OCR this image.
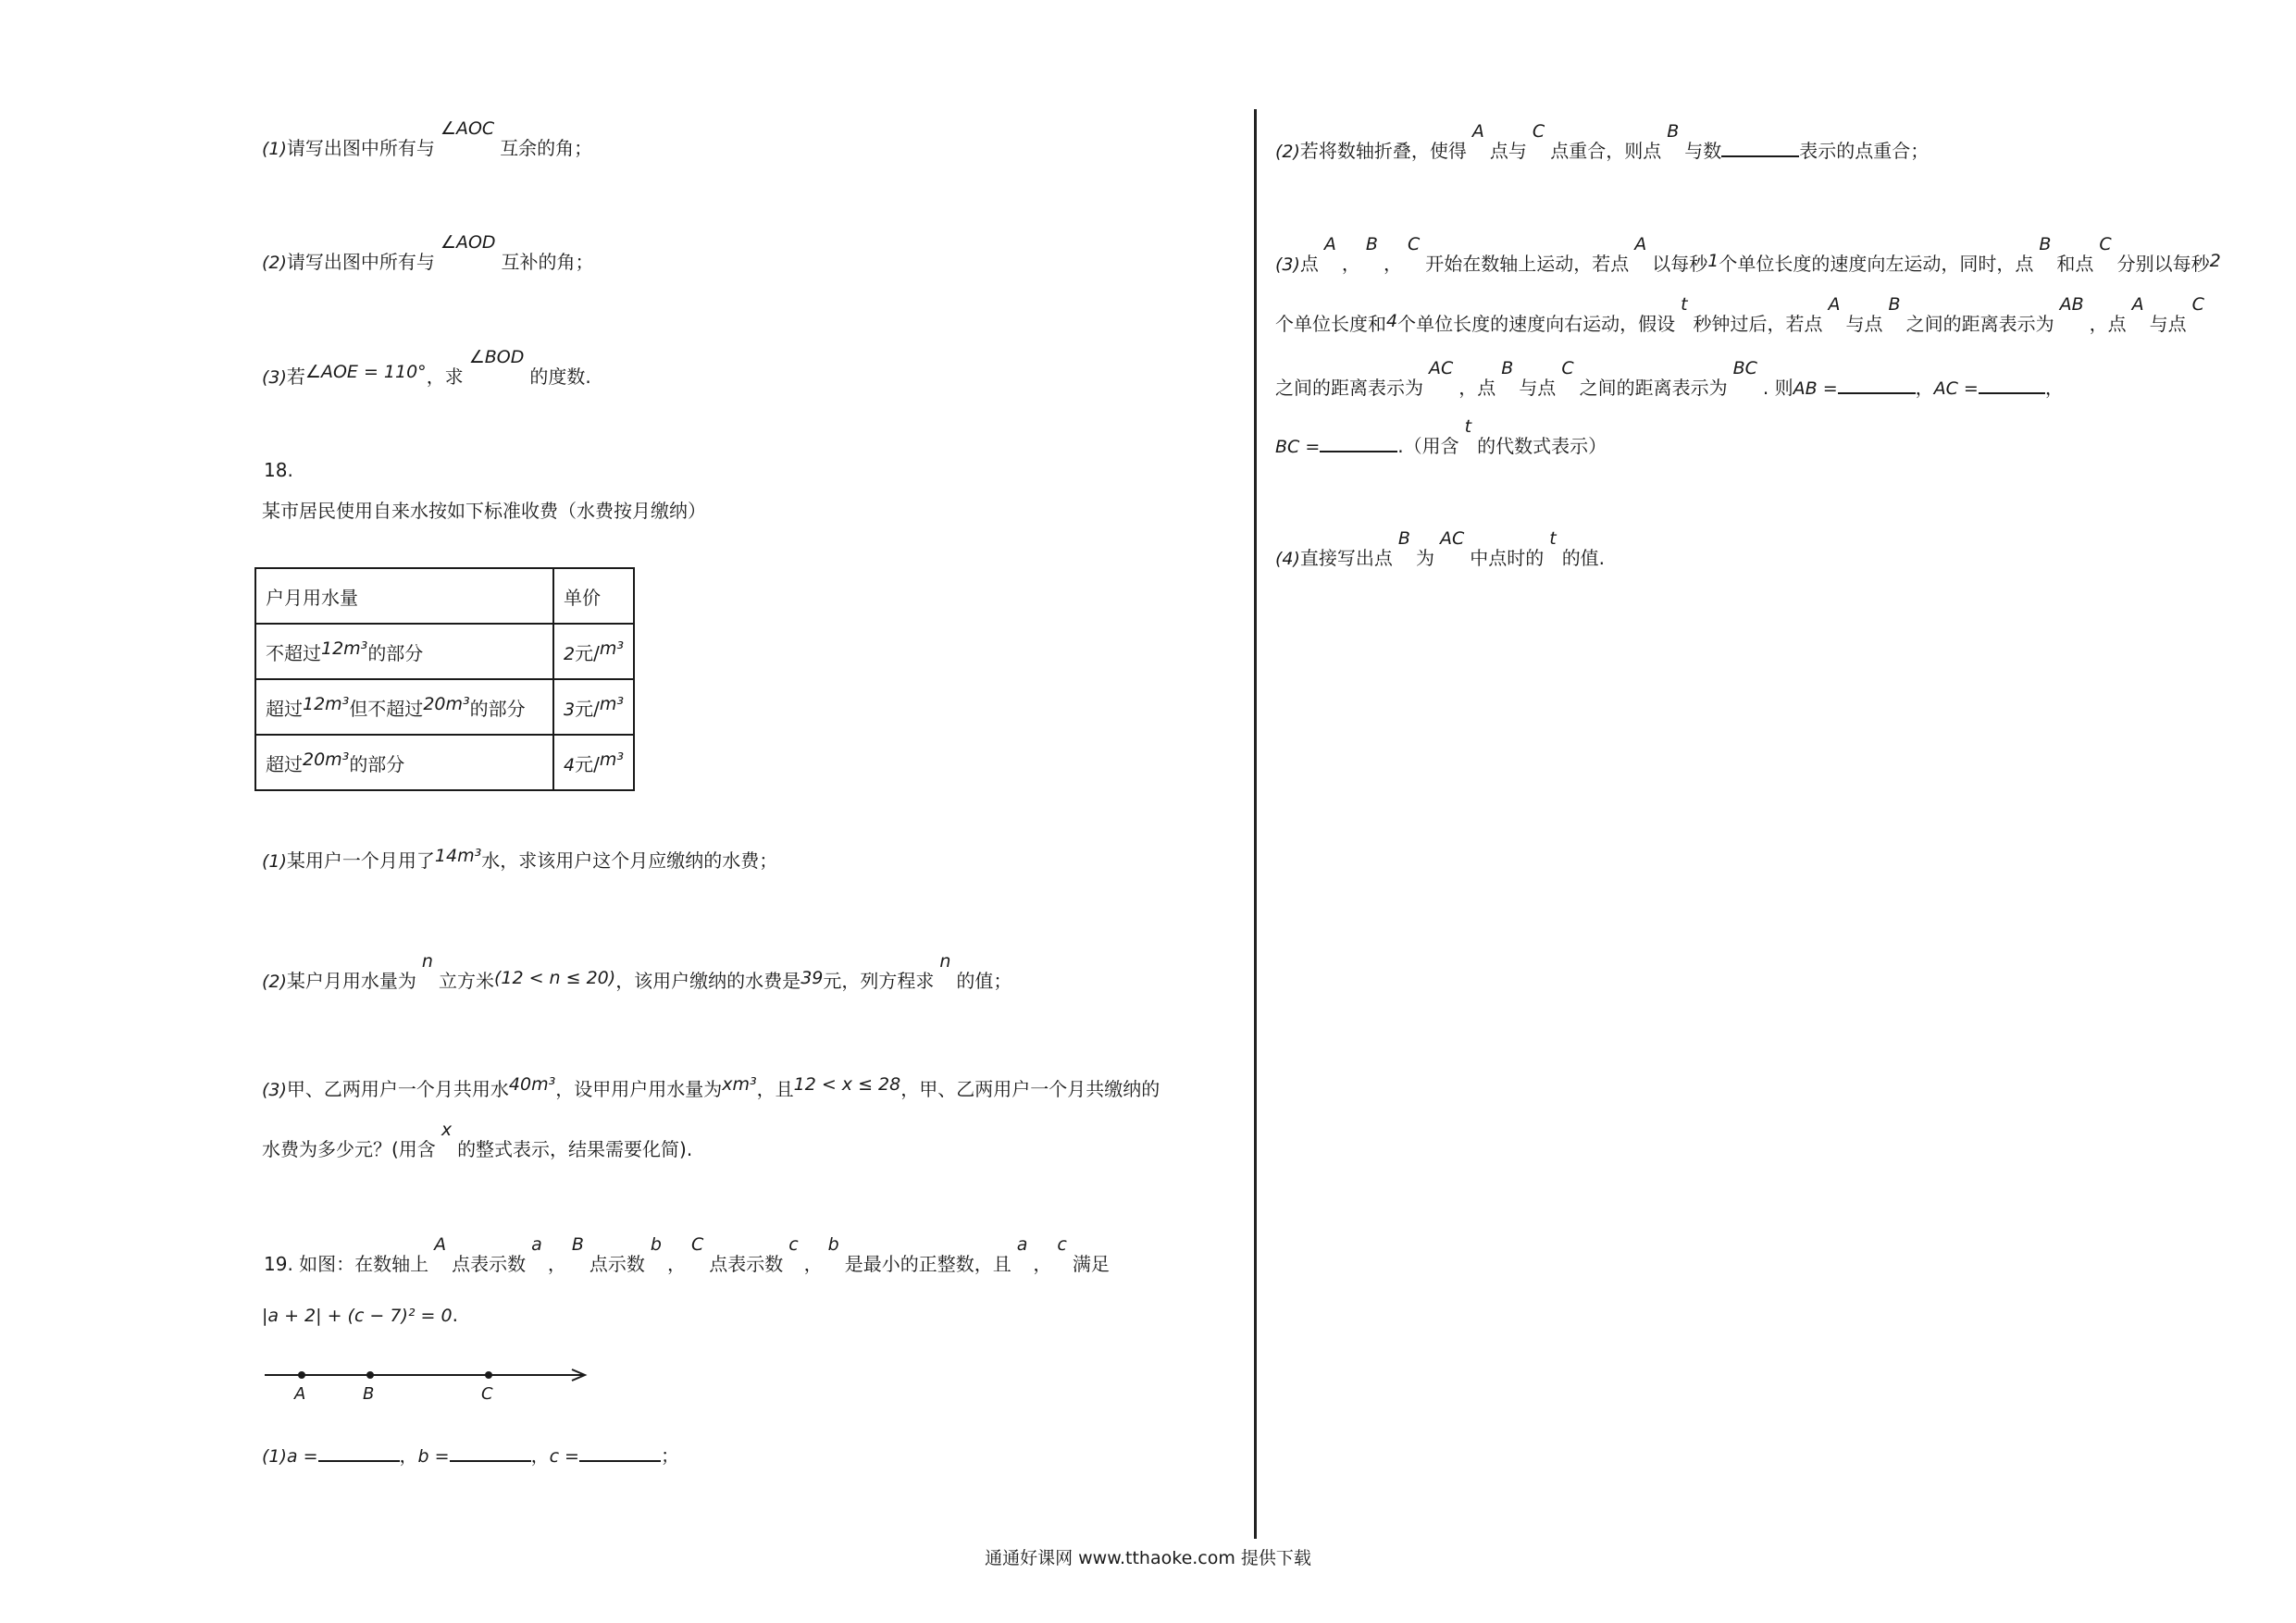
(1)请写出图中所有与∠AOC互余的角；
(2)请写出图中所有与∠AOD互补的角；
(3)若∠AOE = 110°，求∠BOD的度数.
18.
某市居民使用自来水按如下标准收费（水费按月缴纳）
户月用水量	单价
不超过12m³的部分	2元/m³
超过12m³但不超过20m³的部分	3元/m³
超过20m³的部分	4元/m³
(1)某用户一个月用了14m³水，求该用户这个月应缴纳的水费；
(2)某户月用水量为n立方米(12 < n ≤ 20)，该用户缴纳的水费是39元，列方程求n的值；
(3)甲、乙两用户一个月共用水40m³，设甲用户用水量为xm³，且12 < x ≤ 28，甲、乙两用户一个月共缴纳的
水费为多少元？(用含x的整式表示，结果需要化简).
19. 如图：在数轴上A点表示数a，B点示数b，C点表示数c，b是最小的正整数，且a，c满足
|a + 2| + (c − 7)² = 0.
A	B	C
(1)a =	，b =	，c =	；
(2)若将数轴折叠，使得A点与C点重合，则点B与数	表示的点重合；
(3)点A，B，C开始在数轴上运动，若点A以每秒1个单位长度的速度向左运动，同时，点B和点C分别以每秒2
个单位长度和4个单位长度的速度向右运动，假设t秒钟过后，若点A与点B之间的距离表示为AB，点A与点C
之间的距离表示为AC，点B与点C之间的距离表示为BC. 则AB =	，AC =	，
BC =	.（用含t的代数式表示）
(4)直接写出点B为AC中点时的t的值.
通通好课网 www.tthaoke.com 提供下载
